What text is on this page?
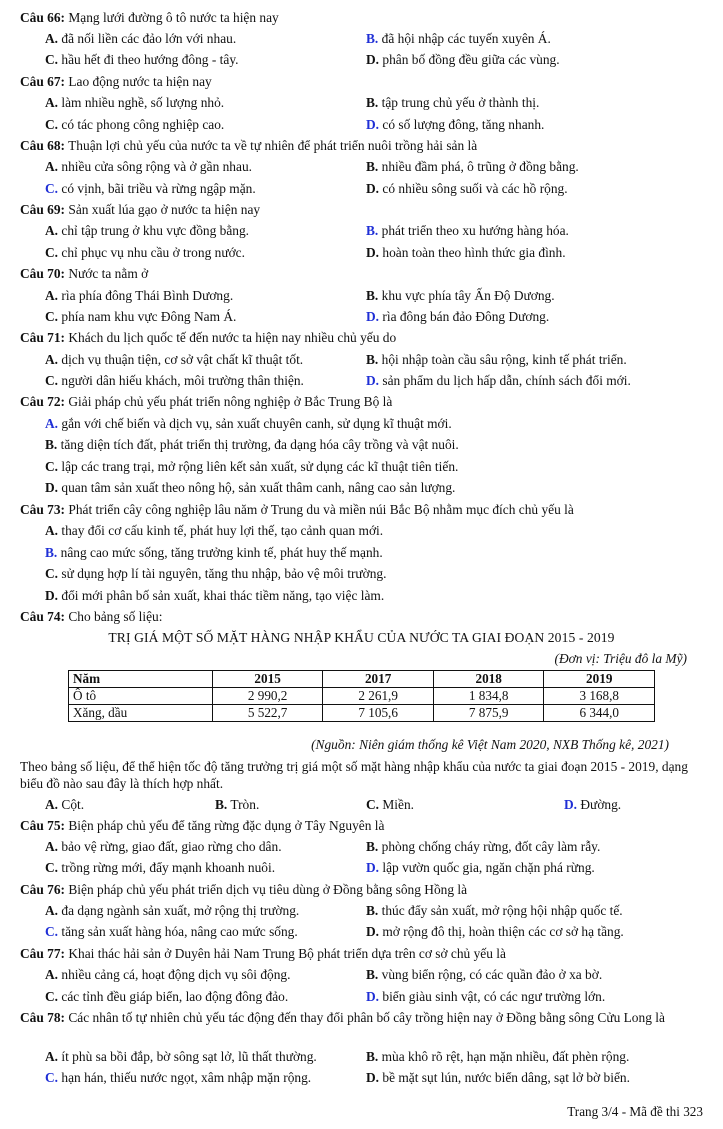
Câu 66: Mạng lưới đường ô tô nước ta hiện nay
A. đã nối liền các đảo lớn với nhau.	B. đã hội nhập các tuyến xuyên Á.
C. hầu hết đi theo hướng đông - tây.	D. phân bố đồng đều giữa các vùng.
Câu 67: Lao động nước ta hiện nay
A. làm nhiều nghề, số lượng nhỏ.	B. tập trung chủ yếu ở thành thị.
C. có tác phong công nghiệp cao.	D. có số lượng đông, tăng nhanh.
Câu 68: Thuận lợi chủ yếu của nước ta về tự nhiên để phát triển nuôi trồng hải sản là
A. nhiều cửa sông rộng và ở gần nhau.	B. nhiều đầm phá, ô trũng ở đồng bằng.
C. có vịnh, bãi triều và rừng ngập mặn.	D. có nhiều sông suối và các hồ rộng.
Câu 69: Sản xuất lúa gạo ở nước ta hiện nay
A. chỉ tập trung ở khu vực đồng bằng.	B. phát triển theo xu hướng hàng hóa.
C. chỉ phục vụ nhu cầu ở trong nước.	D. hoàn toàn theo hình thức gia đình.
Câu 70: Nước ta nằm ở
A. rìa phía đông Thái Bình Dương.	B. khu vực phía tây Ấn Độ Dương.
C. phía nam khu vực Đông Nam Á.	D. rìa đông bán đảo Đông Dương.
Câu 71: Khách du lịch quốc tế đến nước ta hiện nay nhiều chủ yếu do
A. dịch vụ thuận tiện, cơ sở vật chất kĩ thuật tốt.	B. hội nhập toàn cầu sâu rộng, kinh tế phát triển.
C. người dân hiếu khách, môi trường thân thiện.	D. sản phẩm du lịch hấp dẫn, chính sách đổi mới.
Câu 72: Giải pháp chủ yếu phát triển nông nghiệp ở Bắc Trung Bộ là
A. gắn với chế biến và dịch vụ, sản xuất chuyên canh, sử dụng kĩ thuật mới.
B. tăng diện tích đất, phát triển thị trường, đa dạng hóa cây trồng và vật nuôi.
C. lập các trang trại, mở rộng liên kết sản xuất, sử dụng các kĩ thuật tiên tiến.
D. quan tâm sản xuất theo nông hộ, sản xuất thâm canh, nâng cao sản lượng.
Câu 73: Phát triển cây công nghiệp lâu năm ở Trung du và miền núi Bắc Bộ nhằm mục đích chủ yếu là
A. thay đổi cơ cấu kinh tế, phát huy lợi thế, tạo cảnh quan mới.
B. nâng cao mức sống, tăng trưởng kinh tế, phát huy thế mạnh.
C. sử dụng hợp lí tài nguyên, tăng thu nhập, bảo vệ môi trường.
D. đổi mới phân bố sản xuất, khai thác tiềm năng, tạo việc làm.
Câu 74: Cho bảng số liệu:
TRỊ GIÁ MỘT SỐ MẶT HÀNG NHẬP KHẨU CỦA NƯỚC TA GIAI ĐOẠN 2015 - 2019
(Đơn vị: Triệu đô la Mỹ)
Năm	2015	2017	2018	2019
Ô tô	2 990,2	2 261,9	1 834,8	3 168,8
Xăng, dầu	5 522,7	7 105,6	7 875,9	6 344,0
(Nguồn: Niên giám thống kê Việt Nam 2020, NXB Thống kê, 2021)
Theo bảng số liệu, để thể hiện tốc độ tăng trưởng trị giá một số mặt hàng nhập khẩu của nước ta giai đoạn 2015 - 2019, dạng biểu đồ nào sau đây là thích hợp nhất.
A. Cột.	B. Tròn.	C. Miền.	D. Đường.
Câu 75: Biện pháp chủ yếu để tăng rừng đặc dụng ở Tây Nguyên là
A. bảo vệ rừng, giao đất, giao rừng cho dân.	B. phòng chống cháy rừng, đốt cây làm rẫy.
C. trồng rừng mới, đẩy mạnh khoanh nuôi.	D. lập vườn quốc gia, ngăn chặn phá rừng.
Câu 76: Biện pháp chủ yếu phát triển dịch vụ tiêu dùng ở Đồng bằng sông Hồng là
A. đa dạng ngành sản xuất, mở rộng thị trường.	B. thúc đẩy sản xuất, mở rộng hội nhập quốc tế.
C. tăng sản xuất hàng hóa, nâng cao mức sống.	D. mở rộng đô thị, hoàn thiện các cơ sở hạ tầng.
Câu 77: Khai thác hải sản ở Duyên hải Nam Trung Bộ phát triển dựa trên cơ sở chủ yếu là
A. nhiều cảng cá, hoạt động dịch vụ sôi động.	B. vùng biển rộng, có các quần đảo ở xa bờ.
C. các tỉnh đều giáp biển, lao động đông đảo.	D. biển giàu sinh vật, có các ngư trường lớn.
Câu 78: Các nhân tố tự nhiên chủ yếu tác động đến thay đổi phân bố cây trồng hiện nay ở Đồng bằng sông Cửu Long là
A. ít phù sa bồi đắp, bờ sông sạt lở, lũ thất thường.	B. mùa khô rõ rệt, hạn mặn nhiều, đất phèn rộng.
C. hạn hán, thiếu nước ngọt, xâm nhập mặn rộng.	D. bề mặt sụt lún, nước biển dâng, sạt lở bờ biển.
Trang 3/4 - Mã đề thi 323
